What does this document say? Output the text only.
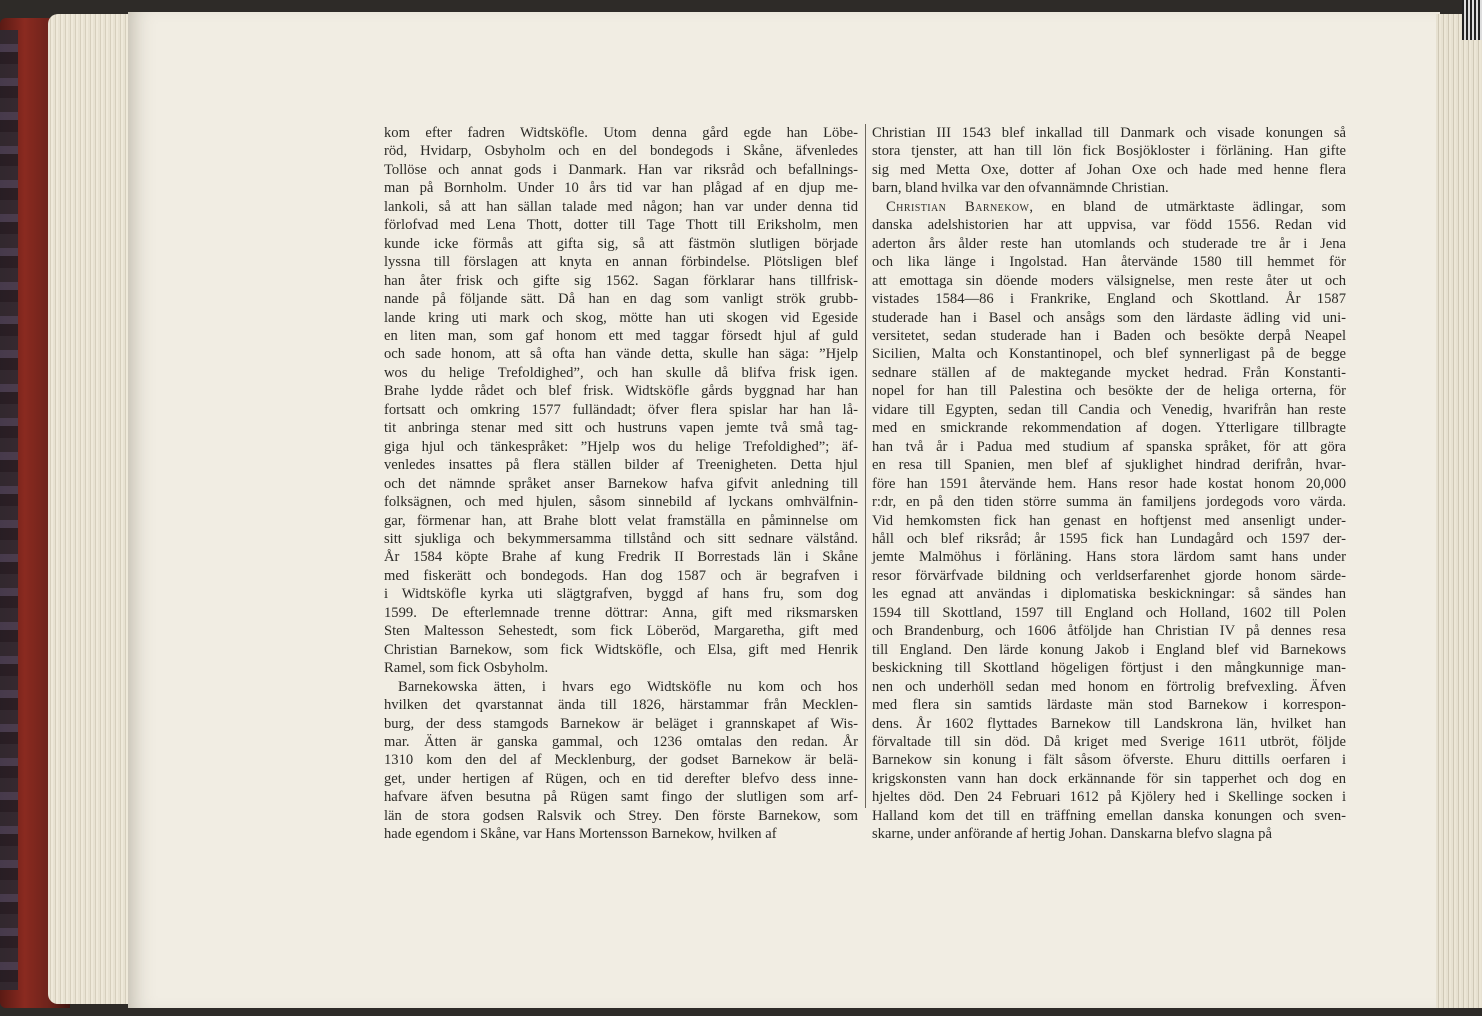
kom efter fadren Widtsköfle. Utom denna gård egde han Löbe-
röd, Hvidarp, Osbyholm och en del bondegods i Skåne, äfvenledes
Tollöse och annat gods i Danmark. Han var riksråd och befallnings-
man på Bornholm. Under 10 års tid var han plågad af en djup me-
lankoli, så att han sällan talade med någon; han var under denna tid
förlofvad med Lena Thott, dotter till Tage Thott till Eriksholm, men
kunde icke förmås att gifta sig, så att fästmön slutligen började
lyssna till förslagen att knyta en annan förbindelse. Plötsligen blef
han åter frisk och gifte sig 1562. Sagan förklarar hans tillfrisk-
nande på följande sätt. Då han en dag som vanligt strök grubb-
lande kring uti mark och skog, mötte han uti skogen vid Egeside
en liten man, som gaf honom ett med taggar försedt hjul af guld
och sade honom, att så ofta han vände detta, skulle han säga: ”Hjelp
wos du helige Trefoldighed”, och han skulle då blifva frisk igen.
Brahe lydde rådet och blef frisk. Widtsköfle gårds byggnad har han
fortsatt och omkring 1577 fulländadt; öfver flera spislar har han lå-
tit anbringa stenar med sitt och hustruns vapen jemte två små tag-
giga hjul och tänkespråket: ”Hjelp wos du helige Trefoldighed”; äf-
venledes insattes på flera ställen bilder af Treenigheten. Detta hjul
och det nämnde språket anser Barnekow hafva gifvit anledning till
folksägnen, och med hjulen, såsom sinnebild af lyckans omhvälfnin-
gar, förmenar han, att Brahe blott velat framställa en påminnelse om
sitt sjukliga och bekymmersamma tillstånd och sitt sednare välstånd.
År 1584 köpte Brahe af kung Fredrik II Borrestads län i Skåne
med fiskerätt och bondegods. Han dog 1587 och är begrafven i
i Widtsköfle kyrka uti slägtgrafven, byggd af hans fru, som dog
1599. De efterlemnade trenne döttrar: Anna, gift med riksmarsken
Sten Maltesson Sehestedt, som fick Löberöd, Margaretha, gift med
Christian Barnekow, som fick Widtsköfle, och Elsa, gift med Henrik
Ramel, som fick Osbyholm.
Barnekowska ätten, i hvars ego Widtsköfle nu kom och hos
hvilken det qvarstannat ända till 1826, härstammar från Mecklen-
burg, der dess stamgods Barnekow är beläget i grannskapet af Wis-
mar. Ätten är ganska gammal, och 1236 omtalas den redan. År
1310 kom den del af Mecklenburg, der godset Barnekow är belä-
get, under hertigen af Rügen, och en tid derefter blefvo dess inne-
hafvare äfven besutna på Rügen samt fingo der slutligen som arf-
län de stora godsen Ralsvik och Strey. Den förste Barnekow, som
hade egendom i Skåne, var Hans Mortensson Barnekow, hvilken af
Christian III 1543 blef inkallad till Danmark och visade konungen så
stora tjenster, att han till lön fick Bosjökloster i förläning. Han gifte
sig med Metta Oxe, dotter af Johan Oxe och hade med henne flera
barn, bland hvilka var den ofvannämnde Christian.
Christian Barnekow, en bland de utmärktaste ädlingar, som
danska adelshistorien har att uppvisa, var född 1556. Redan vid
aderton års ålder reste han utomlands och studerade tre år i Jena
och lika länge i Ingolstad. Han återvände 1580 till hemmet för
att emottaga sin döende moders välsignelse, men reste åter ut och
vistades 1584—86 i Frankrike, England och Skottland. År 1587
studerade han i Basel och ansågs som den lärdaste ädling vid uni-
versitetet, sedan studerade han i Baden och besökte derpå Neapel
Sicilien, Malta och Konstantinopel, och blef synnerligast på de begge
sednare ställen af de maktegande mycket hedrad. Från Konstanti-
nopel for han till Palestina och besökte der de heliga orterna, för
vidare till Egypten, sedan till Candia och Venedig, hvarifrån han reste
med en smickrande rekommendation af dogen. Ytterligare tillbragte
han två år i Padua med studium af spanska språket, för att göra
en resa till Spanien, men blef af sjuklighet hindrad derifrån, hvar-
före han 1591 återvände hem. Hans resor hade kostat honom 20,000
r:dr, en på den tiden större summa än familjens jordegods voro värda.
Vid hemkomsten fick han genast en hoftjenst med ansenligt under-
håll och blef riksråd; år 1595 fick han Lundagård och 1597 der-
jemte Malmöhus i förläning. Hans stora lärdom samt hans under
resor förvärfvade bildning och verldserfarenhet gjorde honom särde-
les egnad att användas i diplomatiska beskickningar: så sändes han
1594 till Skottland, 1597 till England och Holland, 1602 till Polen
och Brandenburg, och 1606 åtföljde han Christian IV på dennes resa
till England. Den lärde konung Jakob i England blef vid Barnekows
beskickning till Skottland högeligen förtjust i den mångkunnige man-
nen och underhöll sedan med honom en förtrolig brefvexling. Äfven
med flera sin samtids lärdaste män stod Barnekow i korrespon-
dens. År 1602 flyttades Barnekow till Landskrona län, hvilket han
förvaltade till sin död. Då kriget med Sverige 1611 utbröt, följde
Barnekow sin konung i fält såsom öfverste. Ehuru dittills oerfaren i
krigskonsten vann han dock erkännande för sin tapperhet och dog en
hjeltes död. Den 24 Februari 1612 på Kjölery hed i Skellinge socken i
Halland kom det till en träffning emellan danska konungen och sven-
skarne, under anförande af hertig Johan. Danskarna blefvo slagna på
